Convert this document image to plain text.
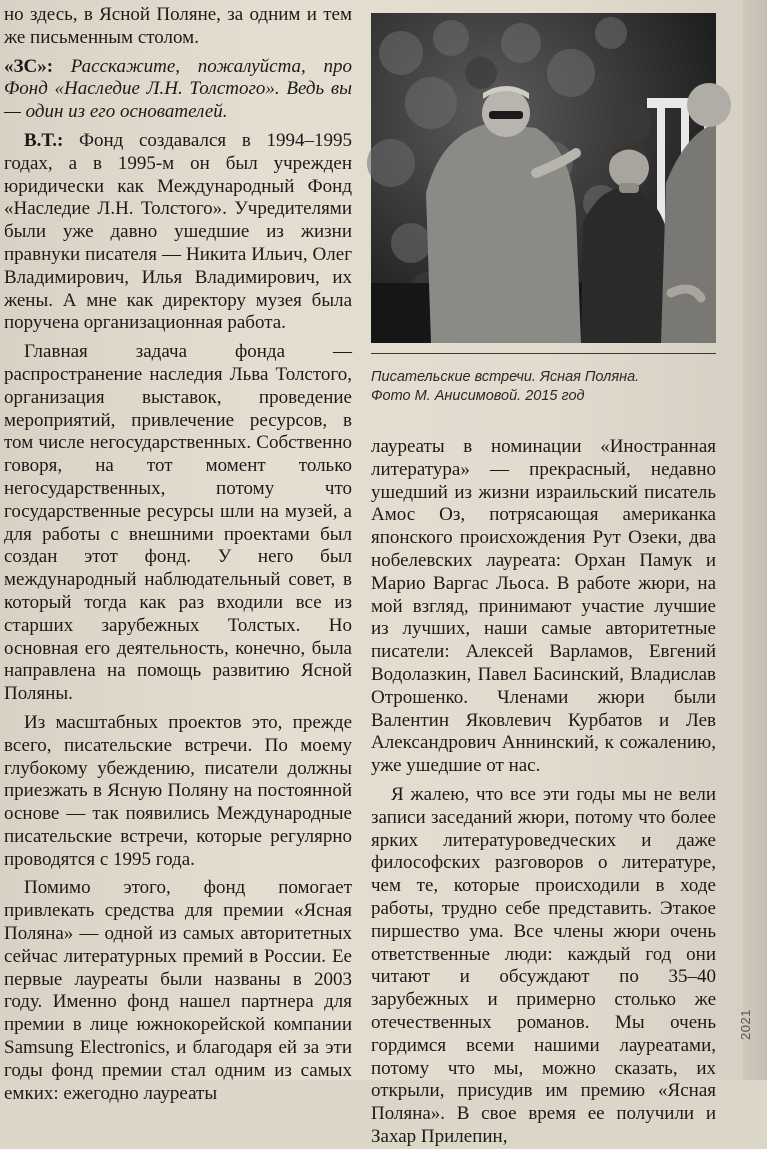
но здесь, в Ясной Поляне, за одним и тем же письменным столом.

«ЗС»: Расскажите, пожалуйста, про Фонд «Наследие Л.Н. Толстого». Ведь вы — один из его основателей.

В.Т.: Фонд создавался в 1994–1995 годах, а в 1995-м он был учрежден юридически как Международный Фонд «Наследие Л.Н. Толстого». Учредителями были уже давно ушедшие из жизни правнуки писателя — Никита Ильич, Олег Владимирович, Илья Владимирович, их жены. А мне как директору музея была поручена организационная работа.

Главная задача фонда — распространение наследия Льва Толстого, организация выставок, проведение мероприятий, привлечение ресурсов, в том числе негосударственных. Собственно говоря, на тот момент только негосударственных, потому что государственные ресурсы шли на музей, а для работы с внешними проектами был создан этот фонд. У него был международный наблюдательный совет, в который тогда как раз входили все из старших зарубежных Толстых. Но основная его деятельность, конечно, была направлена на помощь развитию Ясной Поляны.

Из масштабных проектов это, прежде всего, писательские встречи. По моему глубокому убеждению, писатели должны приезжать в Ясную Поляну на постоянной основе — так появились Международные писательские встречи, которые регулярно проводятся с 1995 года.

Помимо этого, фонд помогает привлекать средства для премии «Ясная Поляна» — одной из самых авторитетных сейчас литературных премий в России. Ее первые лауреаты были названы в 2003 году. Именно фонд нашел партнера для премии в лице южнокорейской компании Samsung Electronics, и благодаря ей за эти годы фонд премии стал одним из самых емких: ежегодно лауреаты

Писательские встречи. Ясная Поляна.
Фото М. Анисимовой. 2015 год

лауреаты в номинации «Иностранная литература» — прекрасный, недавно ушедший из жизни израильский писатель Амос Оз, потрясающая американка японского происхождения Рут Озеки, два нобелевских лауреата: Орхан Памук и Марио Варгас Льоса. В работе жюри, на мой взгляд, принимают участие лучшие из лучших, наши самые авторитетные писатели: Алексей Варламов, Евгений Водолазкин, Павел Басинский, Владислав Отрошенко. Членами жюри были Валентин Яковлевич Курбатов и Лев Александрович Аннинский, к сожалению, уже ушедшие от нас.

Я жалею, что все эти годы мы не вели записи заседаний жюри, потому что более ярких литературоведческих и даже философских разговоров о литературе, чем те, которые происходили в ходе работы, трудно себе представить. Этакое пиршество ума. Все члены жюри очень ответственные люди: каждый год они читают и обсуждают по 35–40 зарубежных и примерно столько же отечественных романов. Мы очень гордимся всеми нашими лауреатами, потому что мы, можно сказать, их открыли, присудив им премию «Ясная Поляна». В свое время ее получили и Захар Прилепин,

2021
